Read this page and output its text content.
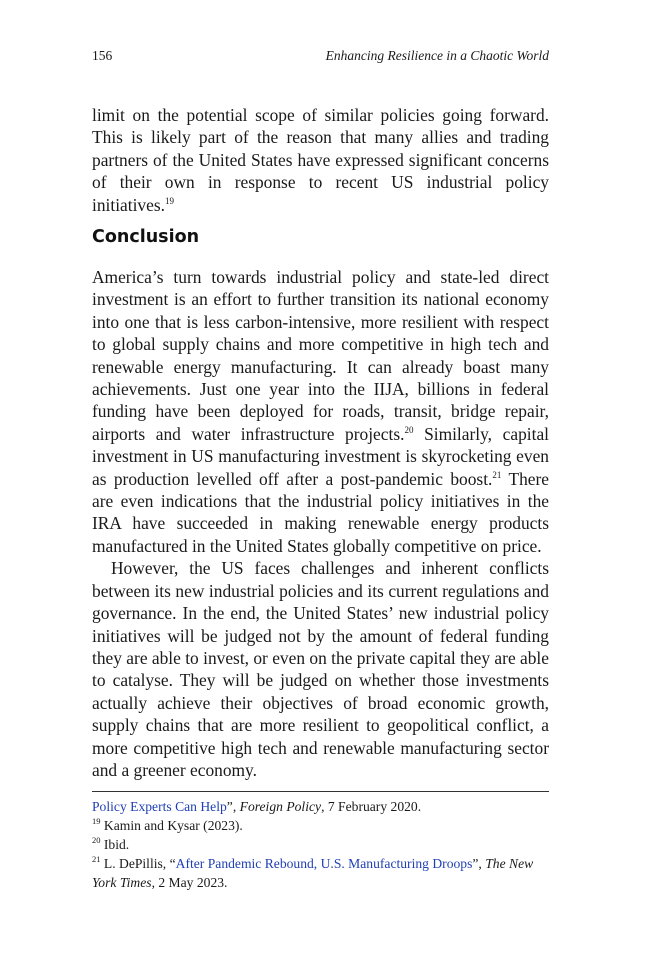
156	Enhancing Resilience in a Chaotic World

limit on the potential scope of similar policies going forward. This is likely part of the reason that many allies and trading partners of the United States have expressed significant concerns of their own in response to recent US industrial policy initiatives.$^{19}$

Conclusion

America’s turn towards industrial policy and state-led direct investment is an effort to further transition its national economy into one that is less carbon-intensive, more resilient with respect to global supply chains and more competitive in high tech and renewable energy manufacturing. It can already boast many achievements. Just one year into the IIJA, billions in federal funding have been deployed for roads, transit, bridge repair, airports and water infrastructure projects.$^{20}$ Similarly, capital investment in US manufacturing investment is skyrocketing even as production levelled off after a post-pandemic boost.$^{21}$ There are even indications that the industrial policy initiatives in the IRA have succeeded in making renewable energy products manufactured in the United States globally competitive on price.

However, the US faces challenges and inherent conflicts between its new industrial policies and its current regulations and governance. In the end, the United States’ new industrial policy initiatives will be judged not by the amount of federal funding they are able to invest, or even on the private capital they are able to catalyse. They will be judged on whether those investments actually achieve their objectives of broad economic growth, supply chains that are more resilient to geopolitical conflict, a more competitive high tech and renewable manufacturing sector and a greener economy.

Policy Experts Can Help”, Foreign Policy, 7 February 2020.

$^{19}$ Kamin and Kysar (2023).

$^{20}$ Ibid.

$^{21}$ L. DePillis, “After Pandemic Rebound, U.S. Manufacturing Droops”, The New York Times, 2 May 2023.
